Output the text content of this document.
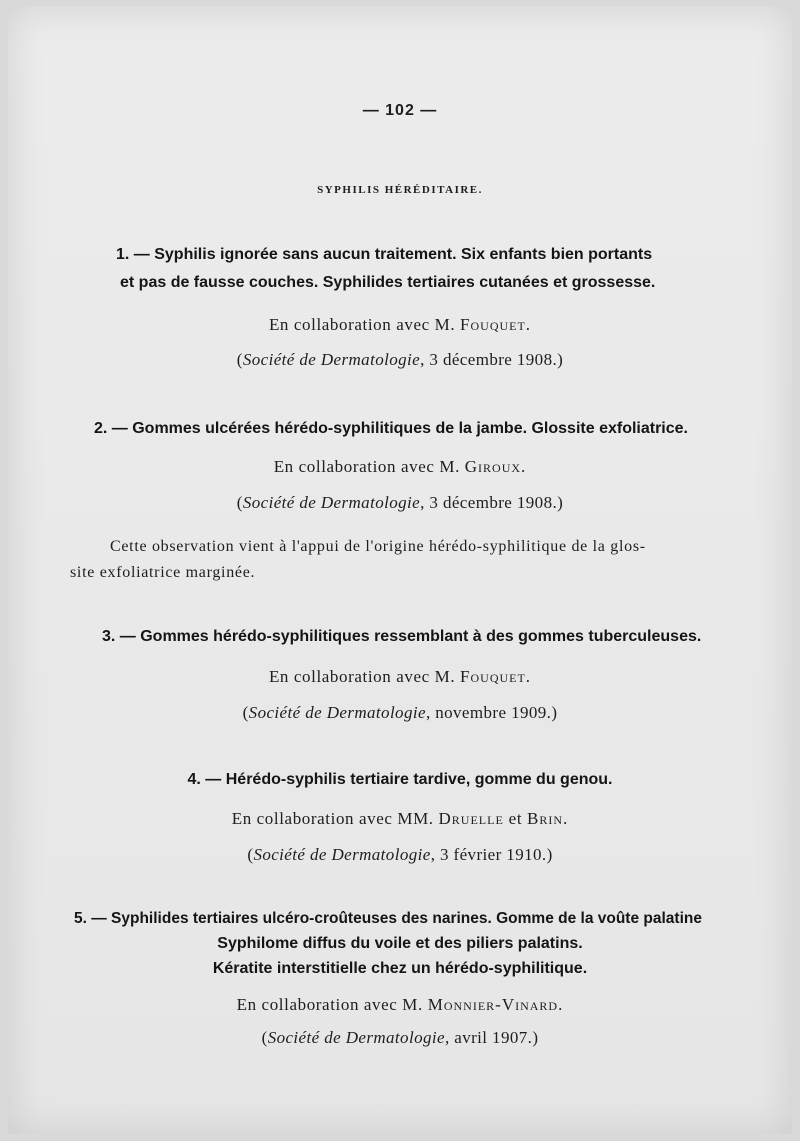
— 102 —
SYPHILIS HÉRÉDITAIRE.
1. — Syphilis ignorée sans aucun traitement. Six enfants bien portants
et pas de fausse couches. Syphilides tertiaires cutanées et grossesse.
En collaboration avec M. Fouquet.
(Société de Dermatologie, 3 décembre 1908.)
2. — Gommes ulcérées hérédo-syphilitiques de la jambe. Glossite exfoliatrice.
En collaboration avec M. Giroux.
(Société de Dermatologie, 3 décembre 1908.)
Cette observation vient à l'appui de l'origine hérédo-syphilitique de la glos-
site exfoliatrice marginée.
3. — Gommes hérédo-syphilitiques ressemblant à des gommes tuberculeuses.
En collaboration avec M. Fouquet.
(Société de Dermatologie, novembre 1909.)
4. — Hérédo-syphilis tertiaire tardive, gomme du genou.
En collaboration avec MM. Druelle et Brin.
(Société de Dermatologie, 3 février 1910.)
5. — Syphilides tertiaires ulcéro-croûteuses des narines. Gomme de la voûte palatine
Syphilome diffus du voile et des piliers palatins.
Kératite interstitielle chez un hérédo-syphilitique.
En collaboration avec M. Monnier-Vinard.
(Société de Dermatologie, avril 1907.)
